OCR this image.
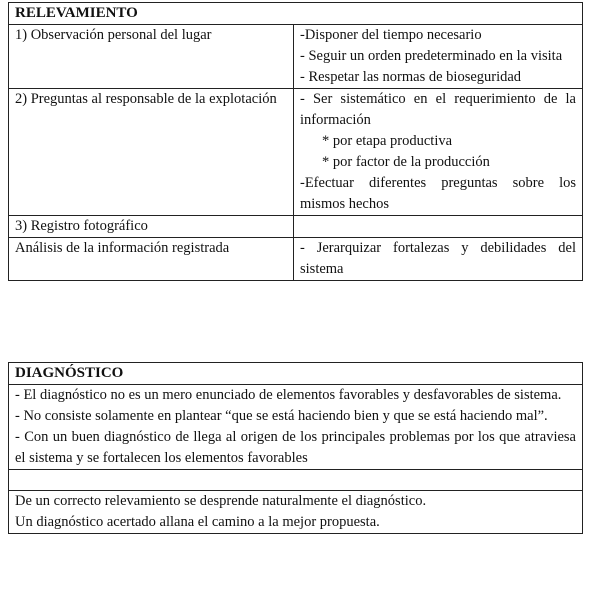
RELEVAMIENTO	
1) Observación personal del lugar	-Disponer del tiempo necesario
- Seguir un orden predeterminado en la visita
- Respetar las normas de bioseguridad

2) Preguntas al responsable de la explotación	- Ser sistemático en el requerimiento de la información
* por etapa productiva
* por factor de la producción
-Efectuar diferentes preguntas sobre los mismos hechos

3) Registro fotográfico	
Análisis de la información registrada	- Jerarquizar fortalezas y debilidades del sistema
DIAGNÓSTICO

- El diagnóstico no es un mero enunciado de elementos favorables y desfavorables de sistema.
- No consiste solamente en plantear “que se está haciendo bien y que se está haciendo mal”.
- Con un buen diagnóstico de llega al origen de los principales problemas por los que atraviesa el sistema y se fortalecen los elementos favorables

De un correcto relevamiento se desprende naturalmente el diagnóstico.
Un diagnóstico acertado allana el camino a la mejor propuesta.
